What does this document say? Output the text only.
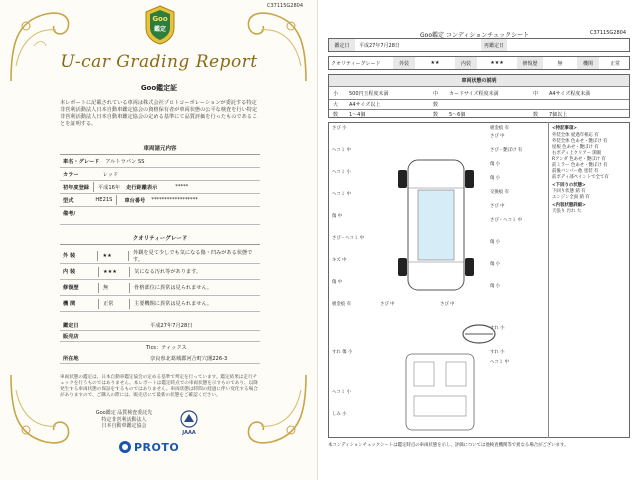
C37115G2804
Goo
鑑定
U-car Grading Report
Goo鑑定証
本レポートに記載されている車両は株式会社プロトコーポレーションが委託する特定非営利活動法人日本自動車鑑定協会の資格保有者が車両状態の公平な検査を行い特定非営利活動法人日本自動車鑑定協会の定める基準にて品質評価を行ったものであることを証明する。
車両諸元内容
車名・グレード	アルトラパン SS
カラー	レッド
初年度登録 平成16年	走行距離表示	*****
型式	HE21S	車台番号	******************
備考/
クオリティーグレード
外 装	★★	外観を見て少しでも気になる傷・凹みがある状態です。
内 装	★★★	気になる汚れ等があります。
修復歴	無	骨格部位に異常は見られません。
機 関	正常	主要機関に異常は見られません。
鑑定日	平成27年7月28日
販売店
Tics：ティックス
所在地	奈良県北葛城郡河合町穴闇226-3
車両状態の鑑定は、日本自動車鑑定協会の定める基準で判定を行っています。鑑定結果は走行チェックを行うものではありません。本レポートは鑑定時点での車両状態を示すものであり、以降発生する車両状態の保証をするものではありません。車両状態は時間の経過に伴い変化する場合がありますので、ご購入の際には、販売店にて最新の状態をご確認ください。
Goo鑑定 品質検査委託先
特定非営利活動法人
日本自動車鑑定協会
JAAA
PROTO
Goo鑑定 コンディションチェックシート	C37115G2804
鑑定日	平成27年7月28日	再鑑定日
クオリティーグレード	外装	★★	内装	★★★	修復歴	無	機関	正常
車両状態の説明
小	500円玉程度未満	中	カードサイズ程度未満	中	A4サイズ程度未満
大	A4サイズ以上	数
数	1〜4個	数	5〜6個	数	7個以上
さび 小
ヘコミ 中
ヘコミ 小
ヘコミ 中
傷 中
さび・ヘコミ 中
キズ 中
傷 中
板金痕 有
さび 中
さび・艶ぼけ 有
傷 小
傷 小
交換痕 有
さび 中
さび・ヘコミ 中
傷 小
傷 小
傷 小
板金痕 有	さび 中	さび 中
すれ 小
すれ 傷 小	すれ 小
ヘコミ 中
ヘコミ 小
しみ 小
<特記事項>
外装全体 経過年相応 有
外装全体 色あせ・艶ぼけ 有
屋根 色あせ・艶ぼけ 有
右ボディ上クリアー 開眼
Rアンダ 色あせ・艶ぼけ 有
前ミラー 色あせ・艶ぼけ 有
前後バンパー他 塗装 有
前ボディ部ペイントで全て有
<下回りの状態>
下回り状態 錆 有
エンジン全面 錆 有
<内装状態詳細>
天張り 汚れ 大
本コンディションチェックシートは鑑定時点の車両状態を示し、評価については他検査機関等で異なる場合がございます。
